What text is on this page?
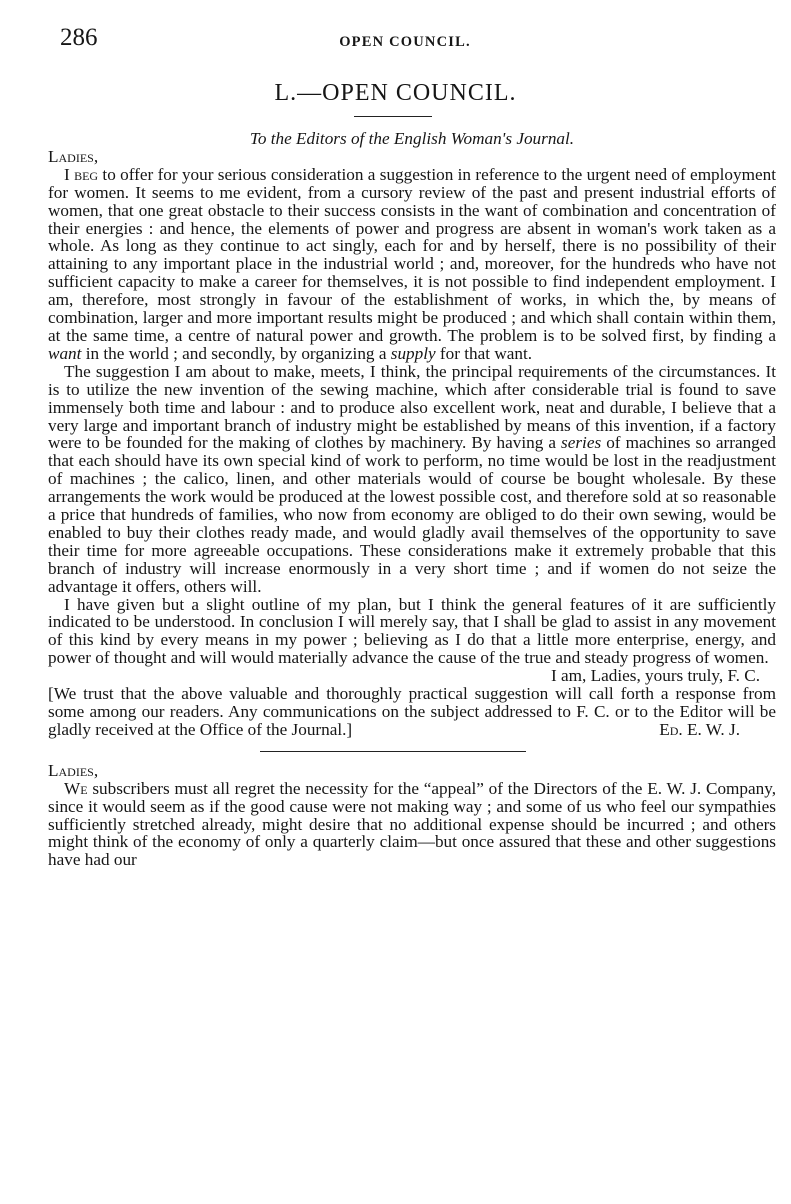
286	OPEN COUNCIL.
L.—OPEN COUNCIL.

To the Editors of the English Woman's Journal.

Ladies,

I beg to offer for your serious consideration a suggestion in reference to the urgent need of employment for women. It seems to me evident, from a cursory review of the past and present industrial efforts of women, that one great obstacle to their success consists in the want of combination and concentration of their energies : and hence, the elements of power and progress are absent in woman's work taken as a whole. As long as they continue to act singly, each for and by herself, there is no possibility of their attaining to any important place in the industrial world ; and, moreover, for the hundreds who have not sufficient capacity to make a career for themselves, it is not possible to find independent employment. I am, therefore, most strongly in favour of the establishment of works, in which the, by means of combination, larger and more important results might be produced ; and which shall contain within them, at the same time, a centre of natural power and growth. The problem is to be solved first, by finding a want in the world ; and secondly, by organizing a supply for that want.

The suggestion I am about to make, meets, I think, the principal requirements of the circumstances. It is to utilize the new invention of the sewing machine, which after considerable trial is found to save immensely both time and labour : and to produce also excellent work, neat and durable, I believe that a very large and important branch of industry might be established by means of this invention, if a factory were to be founded for the making of clothes by machinery. By having a series of machines so arranged that each should have its own special kind of work to perform, no time would be lost in the readjustment of machines ; the calico, linen, and other materials would of course be bought wholesale. By these arrangements the work would be produced at the lowest possible cost, and therefore sold at so reasonable a price that hundreds of families, who now from economy are obliged to do their own sewing, would be enabled to buy their clothes ready made, and would gladly avail themselves of the opportunity to save their time for more agreeable occupations. These considerations make it extremely probable that this branch of industry will increase enormously in a very short time ; and if women do not seize the advantage it offers, others will.

I have given but a slight outline of my plan, but I think the general features of it are sufficiently indicated to be understood. In conclusion I will merely say, that I shall be glad to assist in any movement of this kind by every means in my power ; believing as I do that a little more enterprise, energy, and power of thought and will would materially advance the cause of the true and steady progress of women.

I am, Ladies, yours truly, F. C.

[We trust that the above valuable and thoroughly practical suggestion will call forth a response from some among our readers. Any communications on the subject addressed to F. C. or to the Editor will be gladly received at the Office of the Journal.]	Ed. E. W. J.

Ladies,

We subscribers must all regret the necessity for the “appeal” of the Directors of the E. W. J. Company, since it would seem as if the good cause were not making way ; and some of us who feel our sympathies sufficiently stretched already, might desire that no additional expense should be incurred ; and others might think of the economy of only a quarterly claim—but once assured that these and other suggestions have had our
